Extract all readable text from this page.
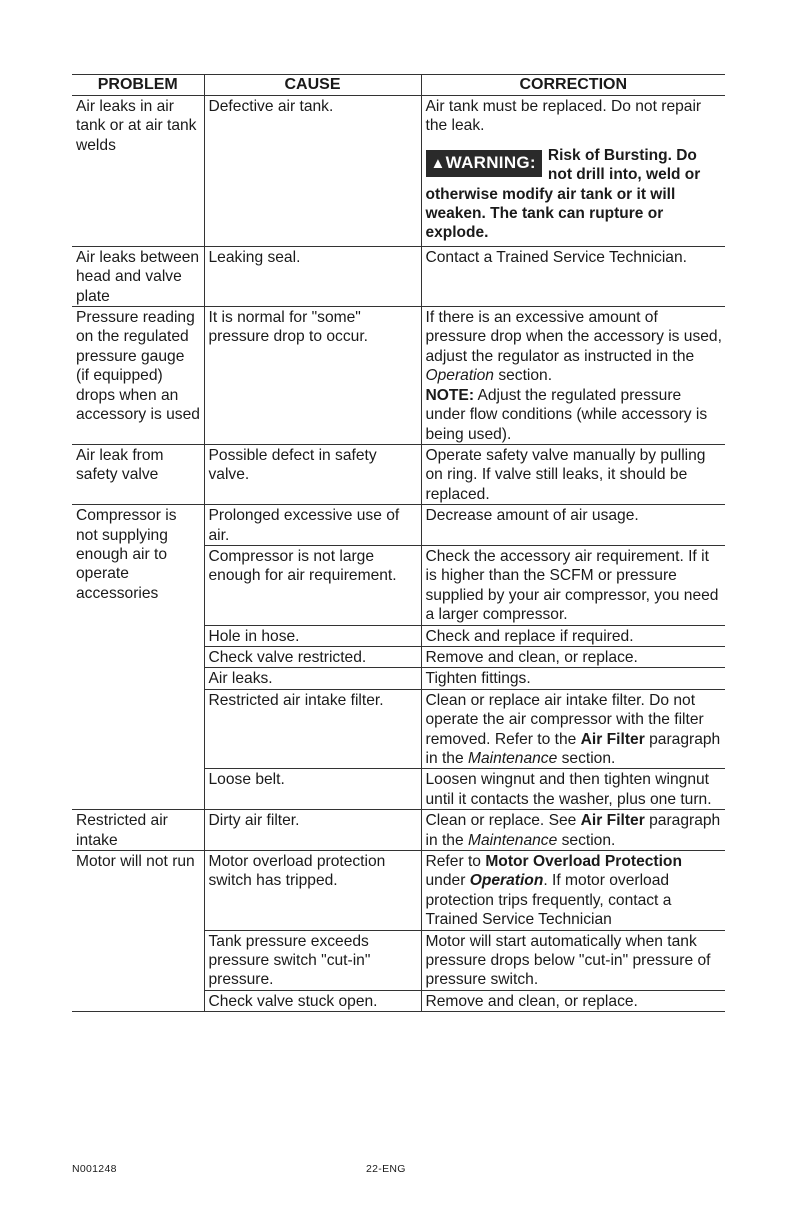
PROBLEM	CAUSE	CORRECTION
Air leaks in air tank or at air tank welds	Defective air tank.	Air tank must be replaced. Do not repair the leak.
▲WARNING: Risk of Bursting. Do not drill into, weld or otherwise modify air tank or it will weaken. The tank can rupture or explode.

Air leaks between head and valve plate	Leaking seal.	Contact a Trained Service Technician.
Pressure reading on the regulated pressure gauge (if equipped) drops when an accessory is used	It is normal for "some" pressure drop to occur.	If there is an excessive amount of pressure drop when the accessory is used, adjust the regulator as instructed in the Operation section.
NOTE: Adjust the regulated pressure under flow conditions (while accessory is being used).
Air leak from safety valve	Possible defect in safety valve.	Operate safety valve manually by pulling on ring. If valve still leaks, it should be replaced.
Compressor is not supplying enough air to operate accessories	Prolonged excessive use of air.	Decrease amount of air usage.
	Compressor is not large enough for air requirement.	Check the accessory air requirement. If it is higher than the SCFM or pressure supplied by your air compressor, you need a larger compressor.
	Hole in hose.	Check and replace if required.
	Check valve restricted.	Remove and clean, or replace.
	Air leaks.	Tighten fittings.
	Restricted air intake filter.	Clean or replace air intake filter. Do not operate the air compressor with the filter removed. Refer to the Air Filter paragraph in the Maintenance section.
	Loose belt.	Loosen wingnut and then tighten wingnut until it contacts the washer, plus one turn.
Restricted air intake	Dirty air filter.	Clean or replace. See Air Filter paragraph in the Maintenance section.
Motor will not run	Motor overload protection switch has tripped.	Refer to Motor Overload Protection under Operation. If motor overload protection trips frequently, contact a Trained Service Technician
	Tank pressure exceeds pressure switch "cut-in" pressure.	Motor will start automatically when tank pressure drops below "cut-in" pressure of pressure switch.
	Check valve stuck open.	Remove and clean, or replace.
N001248	22-ENG
